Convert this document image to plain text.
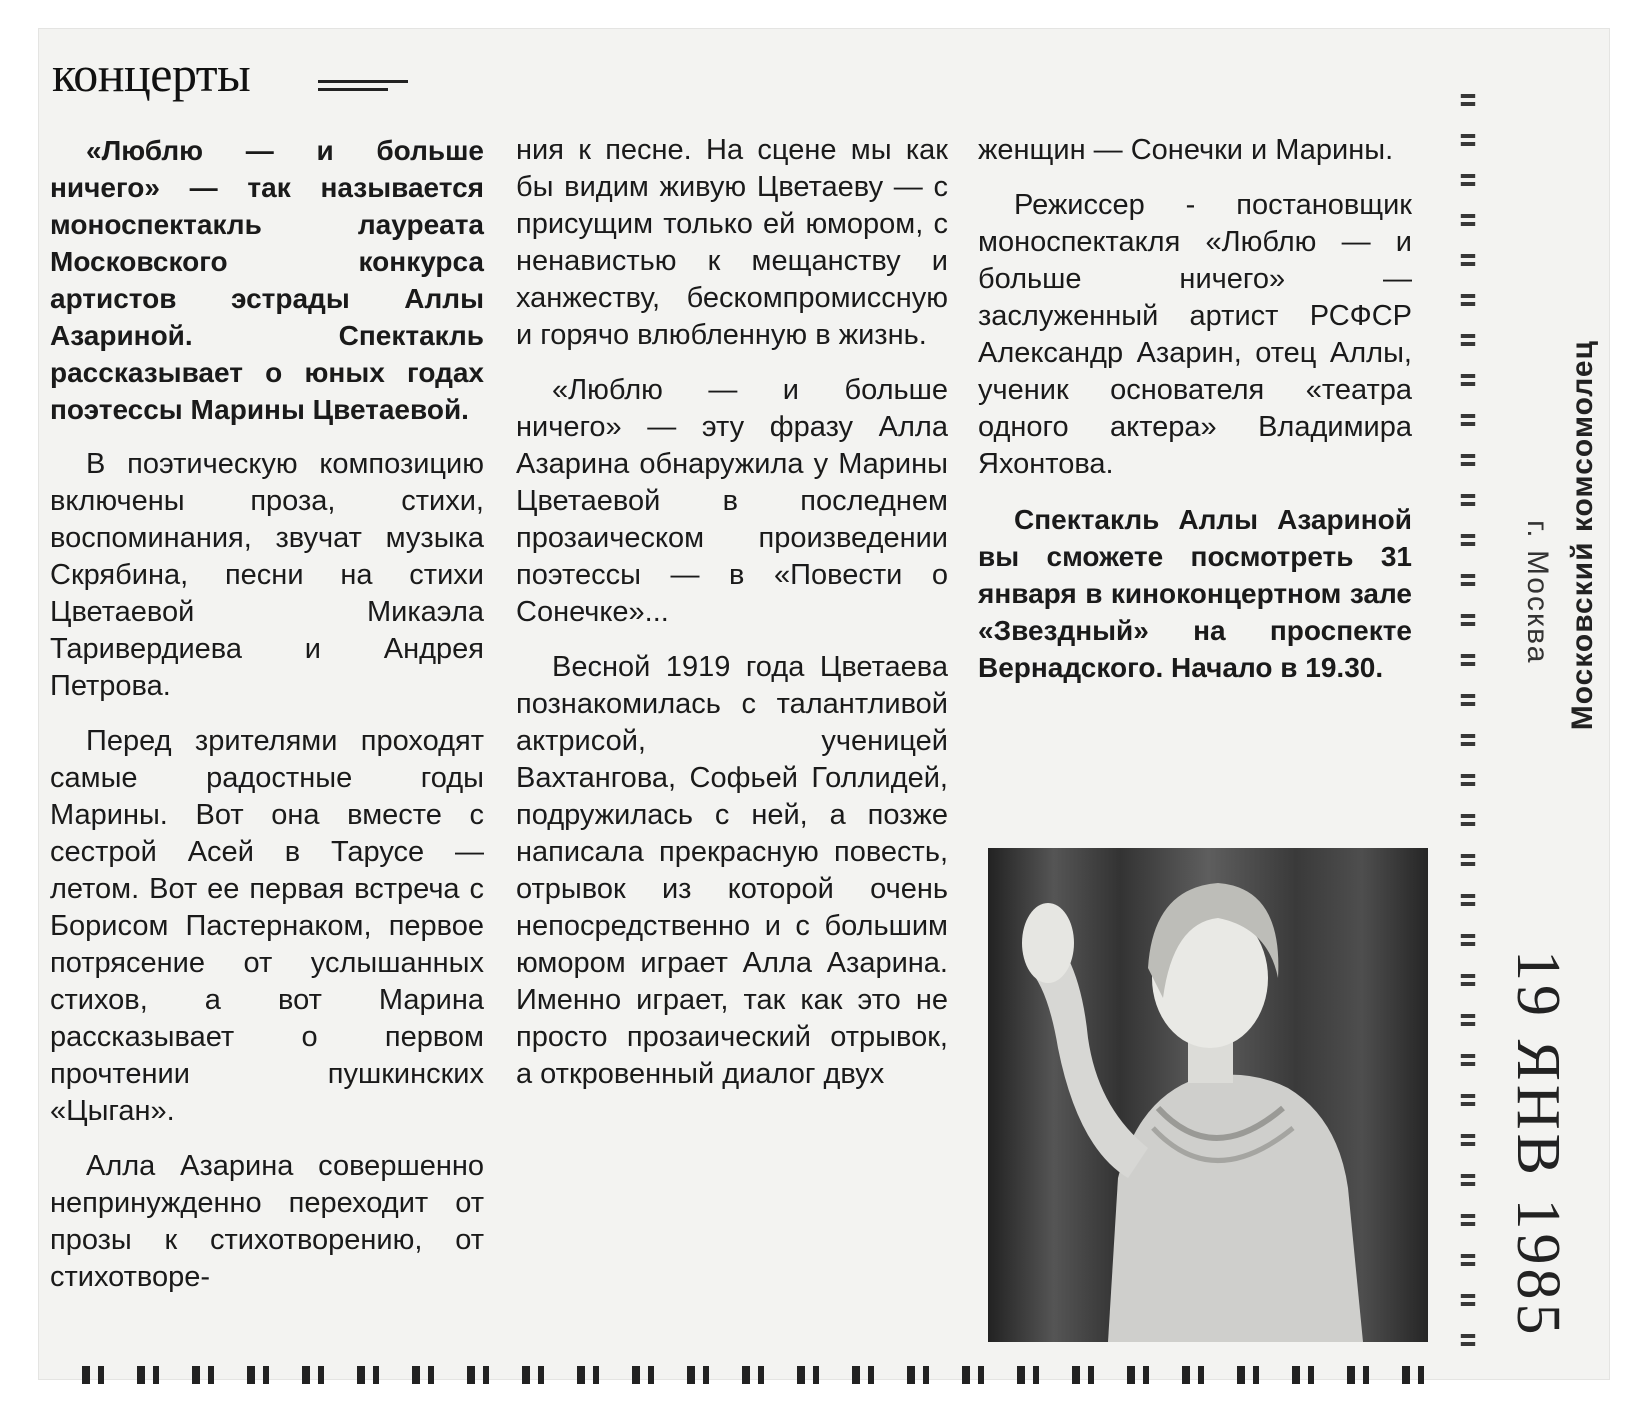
концерты

«Люблю — и больше ничего» — так называется моноспектакль лауреата Московского конкурса артистов эстрады Аллы Азариной. Спектакль рассказывает о юных годах поэтессы Марины Цветаевой.

В поэтическую композицию включены проза, стихи, воспоминания, звучат музыка Скрябина, песни на стихи Цветаевой Микаэла Таривердиева и Андрея Петрова.

Перед зрителями проходят самые радостные годы Марины. Вот она вместе с сестрой Асей в Тарусе — летом. Вот ее первая встреча с Борисом Пастернаком, первое потрясение от услышанных стихов, а вот Марина рассказывает о первом прочтении пушкинских «Цыган».

Алла Азарина совершенно непринужденно переходит от прозы к стихотворению, от стихотворе-

ния к песне. На сцене мы как бы видим живую Цветаеву — с присущим только ей юмором, с ненавистью к мещанству и ханжеству, бескомпромиссную и горячо влюбленную в жизнь.

«Люблю — и больше ничего» — эту фразу Алла Азарина обнаружила у Марины Цветаевой в последнем прозаическом произведении поэтессы — в «Повести о Сонечке»...

Весной 1919 года Цветаева познакомилась с талантливой актрисой, ученицей Вахтангова, Софьей Голлидей, подружилась с ней, а позже написала прекрасную повесть, отрывок из которой очень непосредственно и с большим юмором играет Алла Азарина. Именно играет, так как это не просто прозаический отрывок, а откровенный диалог двух

женщин — Сонечки и Марины.

Режиссер - постановщик моноспектакля «Люблю — и больше ничего» — заслуженный артист РСФСР Александр Азарин, отец Аллы, ученик основателя «театра одного актера» Владимира Яхонтова.

Спектакль Аллы Азариной вы сможете посмотреть 31 января в киноконцертном зале «Звездный» на проспекте Вернадского. Начало в 19.30.	Московский комсомолец
г. Москва
19 ЯНВ 1985
